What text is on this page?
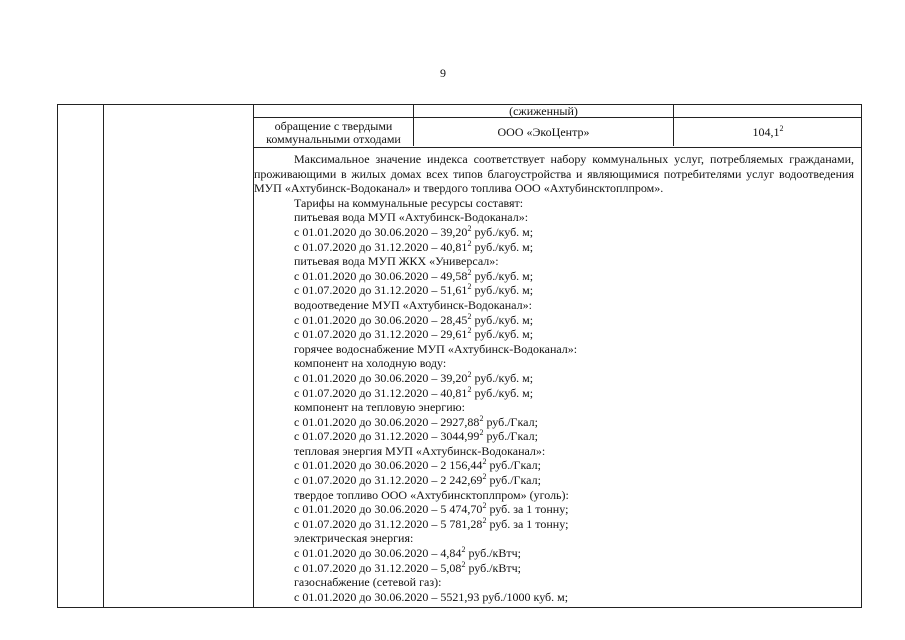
9
(сжиженный)
обращение с твердыми коммунальными отходами	ООО «ЭкоЦентр»	104,1$^2$

Максимальное значение индекса соответствует набору коммунальных услуг, потребляемых гражданами, проживающими в жилых домах всех типов благоустройства и являющимися потребителями услуг водоотведения МУП «Ахтубинск-Водоканал» и твердого топлива ООО «Ахтубинсктоплпром».

Тарифы на коммунальные ресурсы составят:
питьевая вода МУП «Ахтубинск-Водоканал»:
с 01.01.2020 до 30.06.2020 – 39,20$^2$ руб./куб. м;
с 01.07.2020 до 31.12.2020 – 40,81$^2$ руб./куб. м;
питьевая вода МУП ЖКХ «Универсал»:
с 01.01.2020 до 30.06.2020 – 49,58$^2$ руб./куб. м;
с 01.07.2020 до 31.12.2020 – 51,61$^2$ руб./куб. м;
водоотведение МУП «Ахтубинск-Водоканал»:
с 01.01.2020 до 30.06.2020 – 28,45$^2$ руб./куб. м;
с 01.07.2020 до 31.12.2020 – 29,61$^2$ руб./куб. м;
горячее водоснабжение МУП «Ахтубинск-Водоканал»:
компонент на холодную воду:
с 01.01.2020 до 30.06.2020 – 39,20$^2$ руб./куб. м;
с 01.07.2020 до 31.12.2020 – 40,81$^2$ руб./куб. м;
компонент на тепловую энергию:
с 01.01.2020 до 30.06.2020 – 2927,88$^2$ руб./Гкал;
с 01.07.2020 до 31.12.2020 – 3044,99$^2$ руб./Гкал;
тепловая энергия МУП «Ахтубинск-Водоканал»:
с 01.01.2020 до 30.06.2020 – 2 156,44$^2$ руб./Гкал;
с 01.07.2020 до 31.12.2020 – 2 242,69$^2$ руб./Гкал;
твердое топливо ООО «Ахтубинсктоплпром» (уголь):
с 01.01.2020 до 30.06.2020 – 5 474,70$^2$ руб. за 1 тонну;
с 01.07.2020 до 31.12.2020 – 5 781,28$^2$ руб. за 1 тонну;
электрическая энергия:
с 01.01.2020 до 30.06.2020 – 4,84$^2$ руб./кВтч;
с 01.07.2020 до 31.12.2020 – 5,08$^2$ руб./кВтч;
газоснабжение (сетевой газ):
с 01.01.2020 до 30.06.2020 – 5521,93 руб./1000 куб. м;
